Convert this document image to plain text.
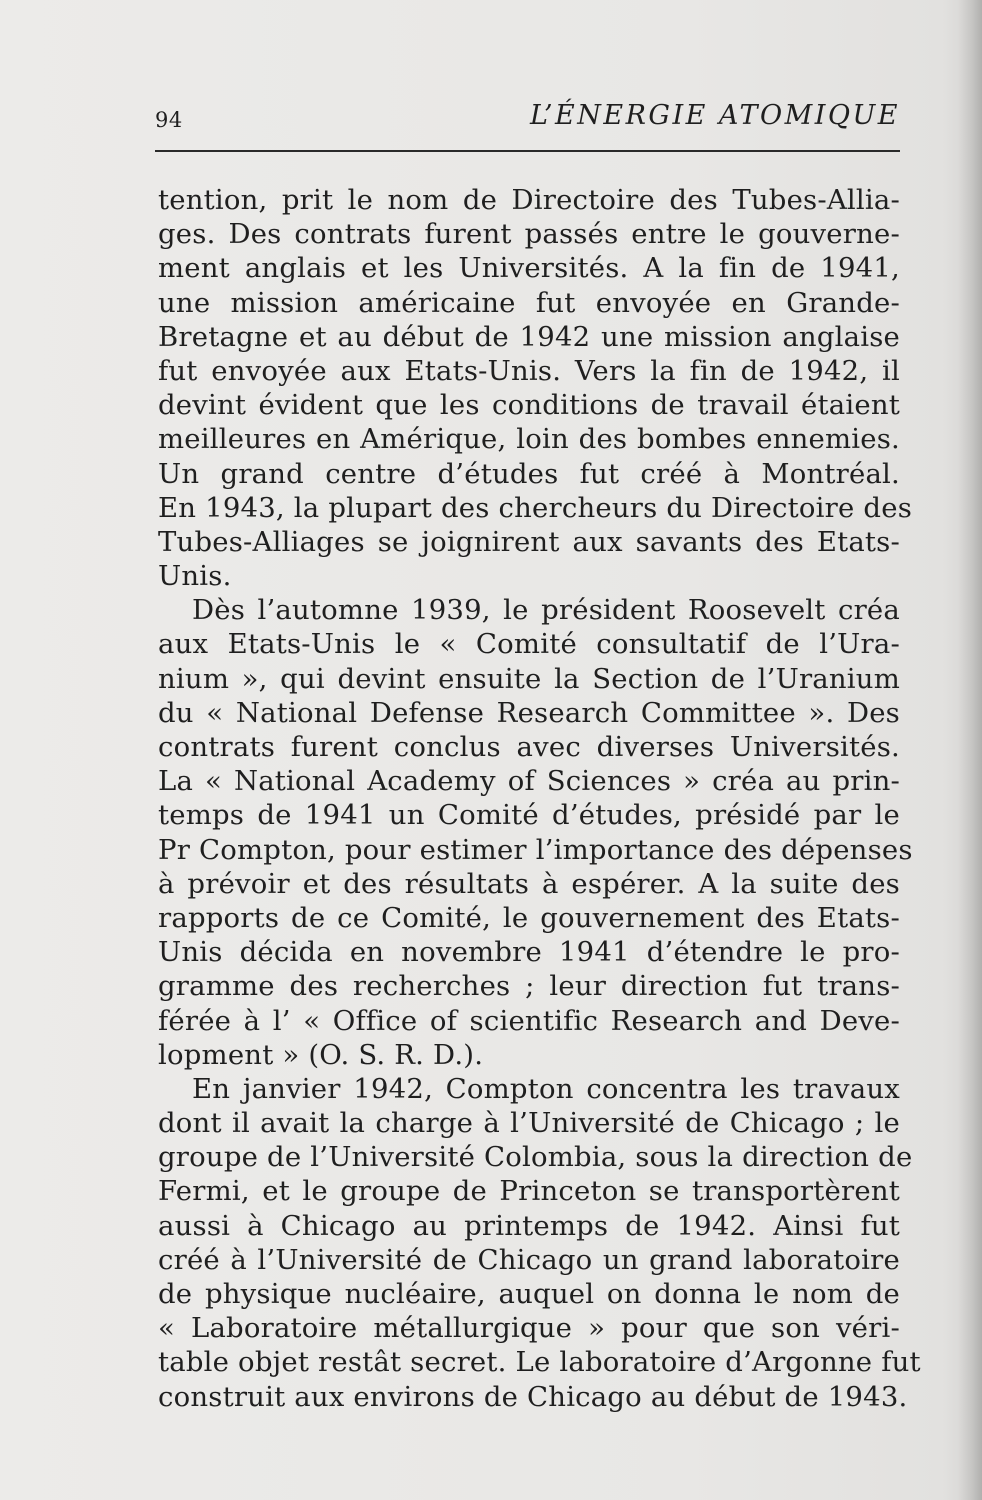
94	L’ÉNERGIE ATOMIQUE
tention, prit le nom de Directoire des Tubes-Allia-
ges. Des contrats furent passés entre le gouverne-
ment anglais et les Universités. A la fin de 1941,
une mission américaine fut envoyée en Grande-
Bretagne et au début de 1942 une mission anglaise
fut envoyée aux Etats-Unis. Vers la fin de 1942, il
devint évident que les conditions de travail étaient
meilleures en Amérique, loin des bombes ennemies.
Un grand centre d’études fut créé à Montréal.
En 1943, la plupart des chercheurs du Directoire des
Tubes-Alliages se joignirent aux savants des Etats-
Unis.
Dès l’automne 1939, le président Roosevelt créa
aux Etats-Unis le « Comité consultatif de l’Ura-
nium », qui devint ensuite la Section de l’Uranium
du « National Defense Research Committee ». Des
contrats furent conclus avec diverses Universités.
La « National Academy of Sciences » créa au prin-
temps de 1941 un Comité d’études, présidé par le
Pr Compton, pour estimer l’importance des dépenses
à prévoir et des résultats à espérer. A la suite des
rapports de ce Comité, le gouvernement des Etats-
Unis décida en novembre 1941 d’étendre le pro-
gramme des recherches ; leur direction fut trans-
férée à l’ « Office of scientific Research and Deve-
lopment » (O. S. R. D.).
En janvier 1942, Compton concentra les travaux
dont il avait la charge à l’Université de Chicago ; le
groupe de l’Université Colombia, sous la direction de
Fermi, et le groupe de Princeton se transportèrent
aussi à Chicago au printemps de 1942. Ainsi fut
créé à l’Université de Chicago un grand laboratoire
de physique nucléaire, auquel on donna le nom de
« Laboratoire métallurgique » pour que son véri-
table objet restât secret. Le laboratoire d’Argonne fut
construit aux environs de Chicago au début de 1943.
